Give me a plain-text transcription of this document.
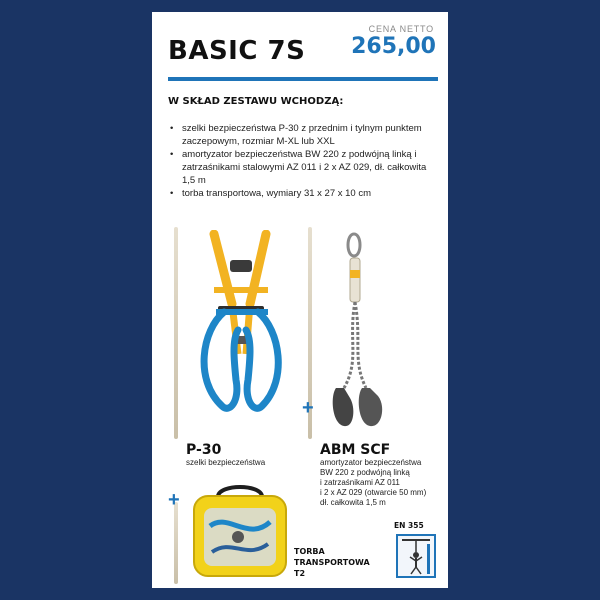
BASIC 7S
CENA NETTO
265,00
W SKŁAD ZESTAWU WCHODZĄ:
• szelki bezpieczeństwa P-30 z przednim i tylnym punktem zaczepowym, rozmiar M-XL lub XXL
• amortyzator bezpieczeństwa BW 220 z podwójną linką i zatrzaśnikami stalowymi AZ 011 i 2 x AZ 029, dł. całkowita 1,5 m
• torba transportowa, wymiary 31 x 27 x 10 cm
+
+
P-30
szelki bezpieczeństwa
ABM SCF
amortyzator bezpieczeństwa
BW 220 z podwójną linką
i zatrzaśnikami AZ 011
i 2 x AZ 029 (otwarcie 50 mm)
dł. całkowita 1,5 m
TORBA
TRANSPORTOWA
T2
EN 355
